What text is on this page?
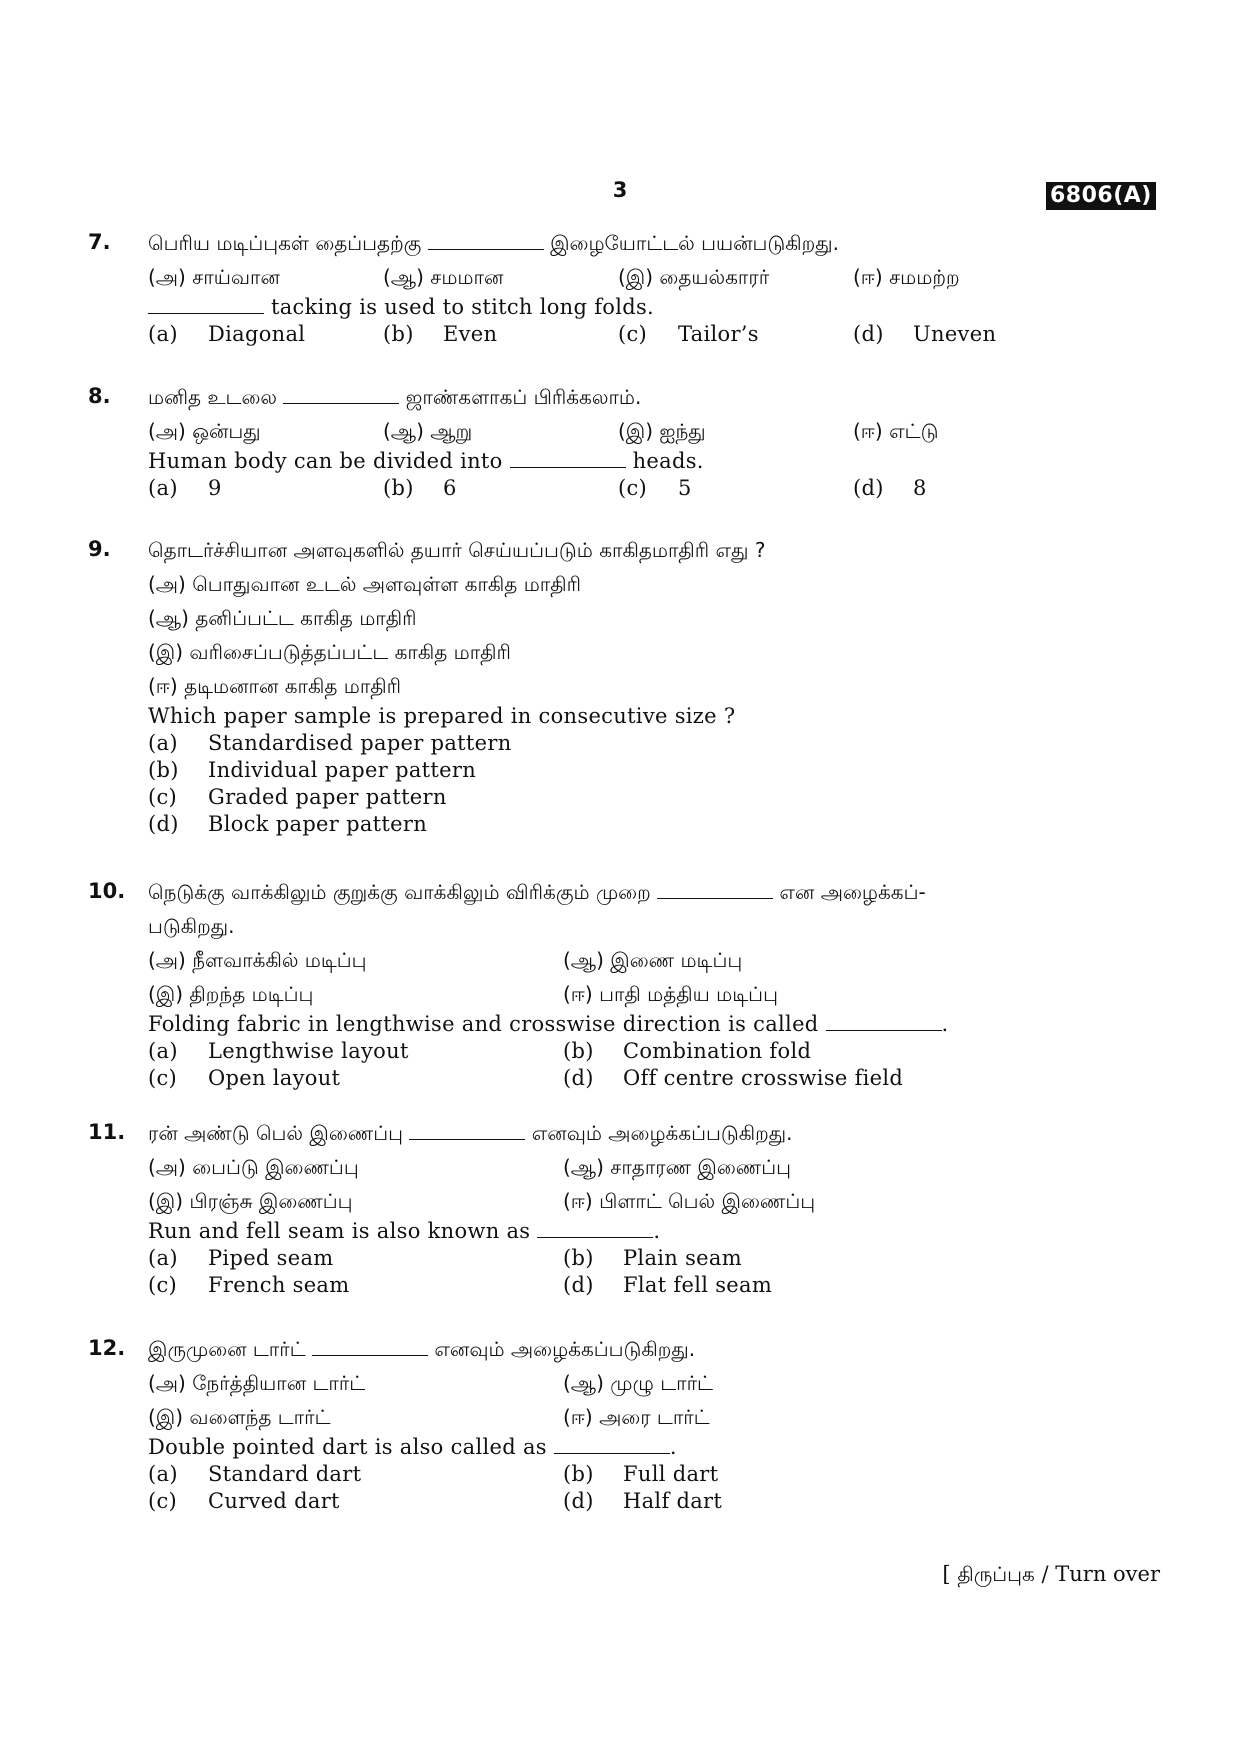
3	6806(A)
7. பெரிய மடிப்புகள் தைப்பதற்கு	இழையோட்டல் பயன்படுகிறது.
(அ) சாய்வான	(ஆ) சமமான	(இ) தையல்காரர்	(ஈ) சமமற்ற
tacking is used to stitch long folds.
(a) Diagonal	(b) Even	(c) Tailor’s	(d) Uneven
8. மனித உடலை	ஜாண்களாகப் பிரிக்கலாம்.
(அ) ஒன்பது	(ஆ) ஆறு	(இ) ஐந்து	(ஈ) எட்டு
Human body can be divided into	heads.
(a) 9	(b) 6	(c) 5	(d) 8
9. தொடர்ச்சியான அளவுகளில் தயார் செய்யப்படும் காகிதமாதிரி எது ?
(அ) பொதுவான உடல் அளவுள்ள காகித மாதிரி
(ஆ) தனிப்பட்ட காகித மாதிரி
(இ) வரிசைப்படுத்தப்பட்ட காகித மாதிரி
(ஈ) தடிமனான காகித மாதிரி
Which paper sample is prepared in consecutive size ?
(a) Standardised paper pattern
(b) Individual paper pattern
(c) Graded paper pattern
(d) Block paper pattern
10. நெடுக்கு வாக்கிலும் குறுக்கு வாக்கிலும் விரிக்கும் முறை	என அழைக்கப்-
படுகிறது.
(அ) நீளவாக்கில் மடிப்பு	(ஆ) இணை மடிப்பு
(இ) திறந்த மடிப்பு	(ஈ) பாதி மத்திய மடிப்பு
Folding fabric in lengthwise and crosswise direction is called	.
(a) Lengthwise layout	(b) Combination fold
(c) Open layout	(d) Off centre crosswise field
11. ரன் அண்டு பெல் இணைப்பு	எனவும் அழைக்கப்படுகிறது.
(அ) பைப்டு இணைப்பு	(ஆ) சாதாரண இணைப்பு
(இ) பிரஞ்சு இணைப்பு	(ஈ) பிளாட் பெல் இணைப்பு
Run and fell seam is also known as	.
(a) Piped seam	(b) Plain seam
(c) French seam	(d) Flat fell seam
12. இருமுனை டார்ட்	எனவும் அழைக்கப்படுகிறது.
(அ) நேர்த்தியான டார்ட்	(ஆ) முழு டார்ட்
(இ) வளைந்த டார்ட்	(ஈ) அரை டார்ட்
Double pointed dart is also called as	.
(a) Standard dart	(b) Full dart
(c) Curved dart	(d) Half dart
[ திருப்புக / Turn over
